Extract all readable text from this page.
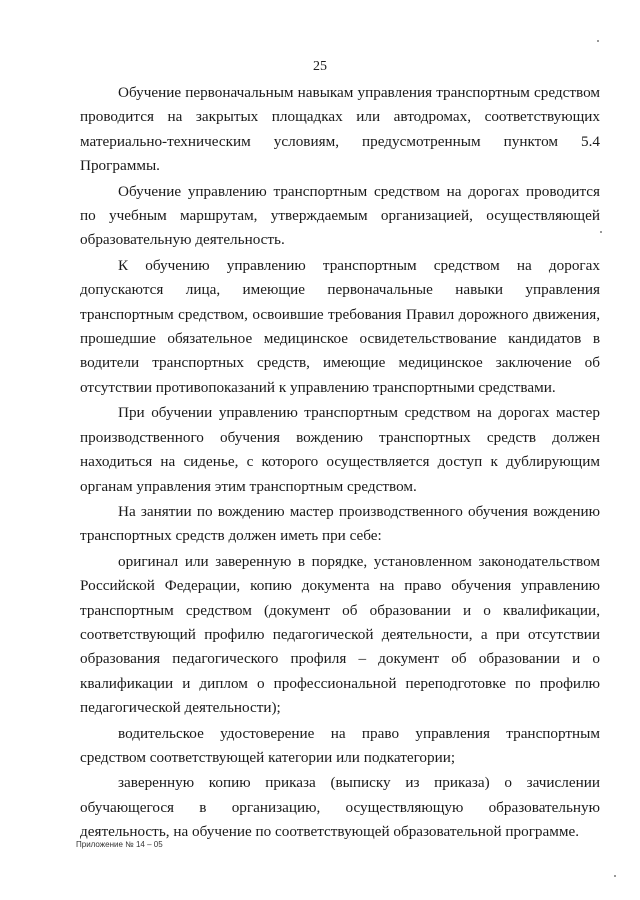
25

Обучение первоначальным навыкам управления транспортным средством проводится на закрытых площадках или автодромах, соответствующих материально-техническим условиям, предусмотренным пунктом 5.4 Программы.

Обучение управлению транспортным средством на дорогах проводится по учебным маршрутам, утверждаемым организацией, осуществляющей образовательную деятельность.

К обучению управлению транспортным средством на дорогах допускаются лица, имеющие первоначальные навыки управления транспортным средством, освоившие требования Правил дорожного движения, прошедшие обязательное медицинское освидетельствование кандидатов в водители транспортных средств, имеющие медицинское заключение об отсутствии противопоказаний к управлению транспортными средствами.

При обучении управлению транспортным средством на дорогах мастер производственного обучения вождению транспортных средств должен находиться на сиденье, с которого осуществляется доступ к дублирующим органам управления этим транспортным средством.

На занятии по вождению мастер производственного обучения вождению транспортных средств должен иметь при себе:

оригинал или заверенную в порядке, установленном законодательством Российской Федерации, копию документа на право обучения управлению транспортным средством (документ об образовании и о квалификации, соответствующий профилю педагогической деятельности, а при отсутствии образования педагогического профиля – документ об образовании и о квалификации и диплом о профессиональной переподготовке по профилю педагогической деятельности);

водительское удостоверение на право управления транспортным средством соответствующей категории или подкатегории;

заверенную копию приказа (выписку из приказа) о зачислении обучающегося в организацию, осуществляющую образовательную деятельность, на обучение по соответствующей образовательной программе.

Приложение № 14 – 05
